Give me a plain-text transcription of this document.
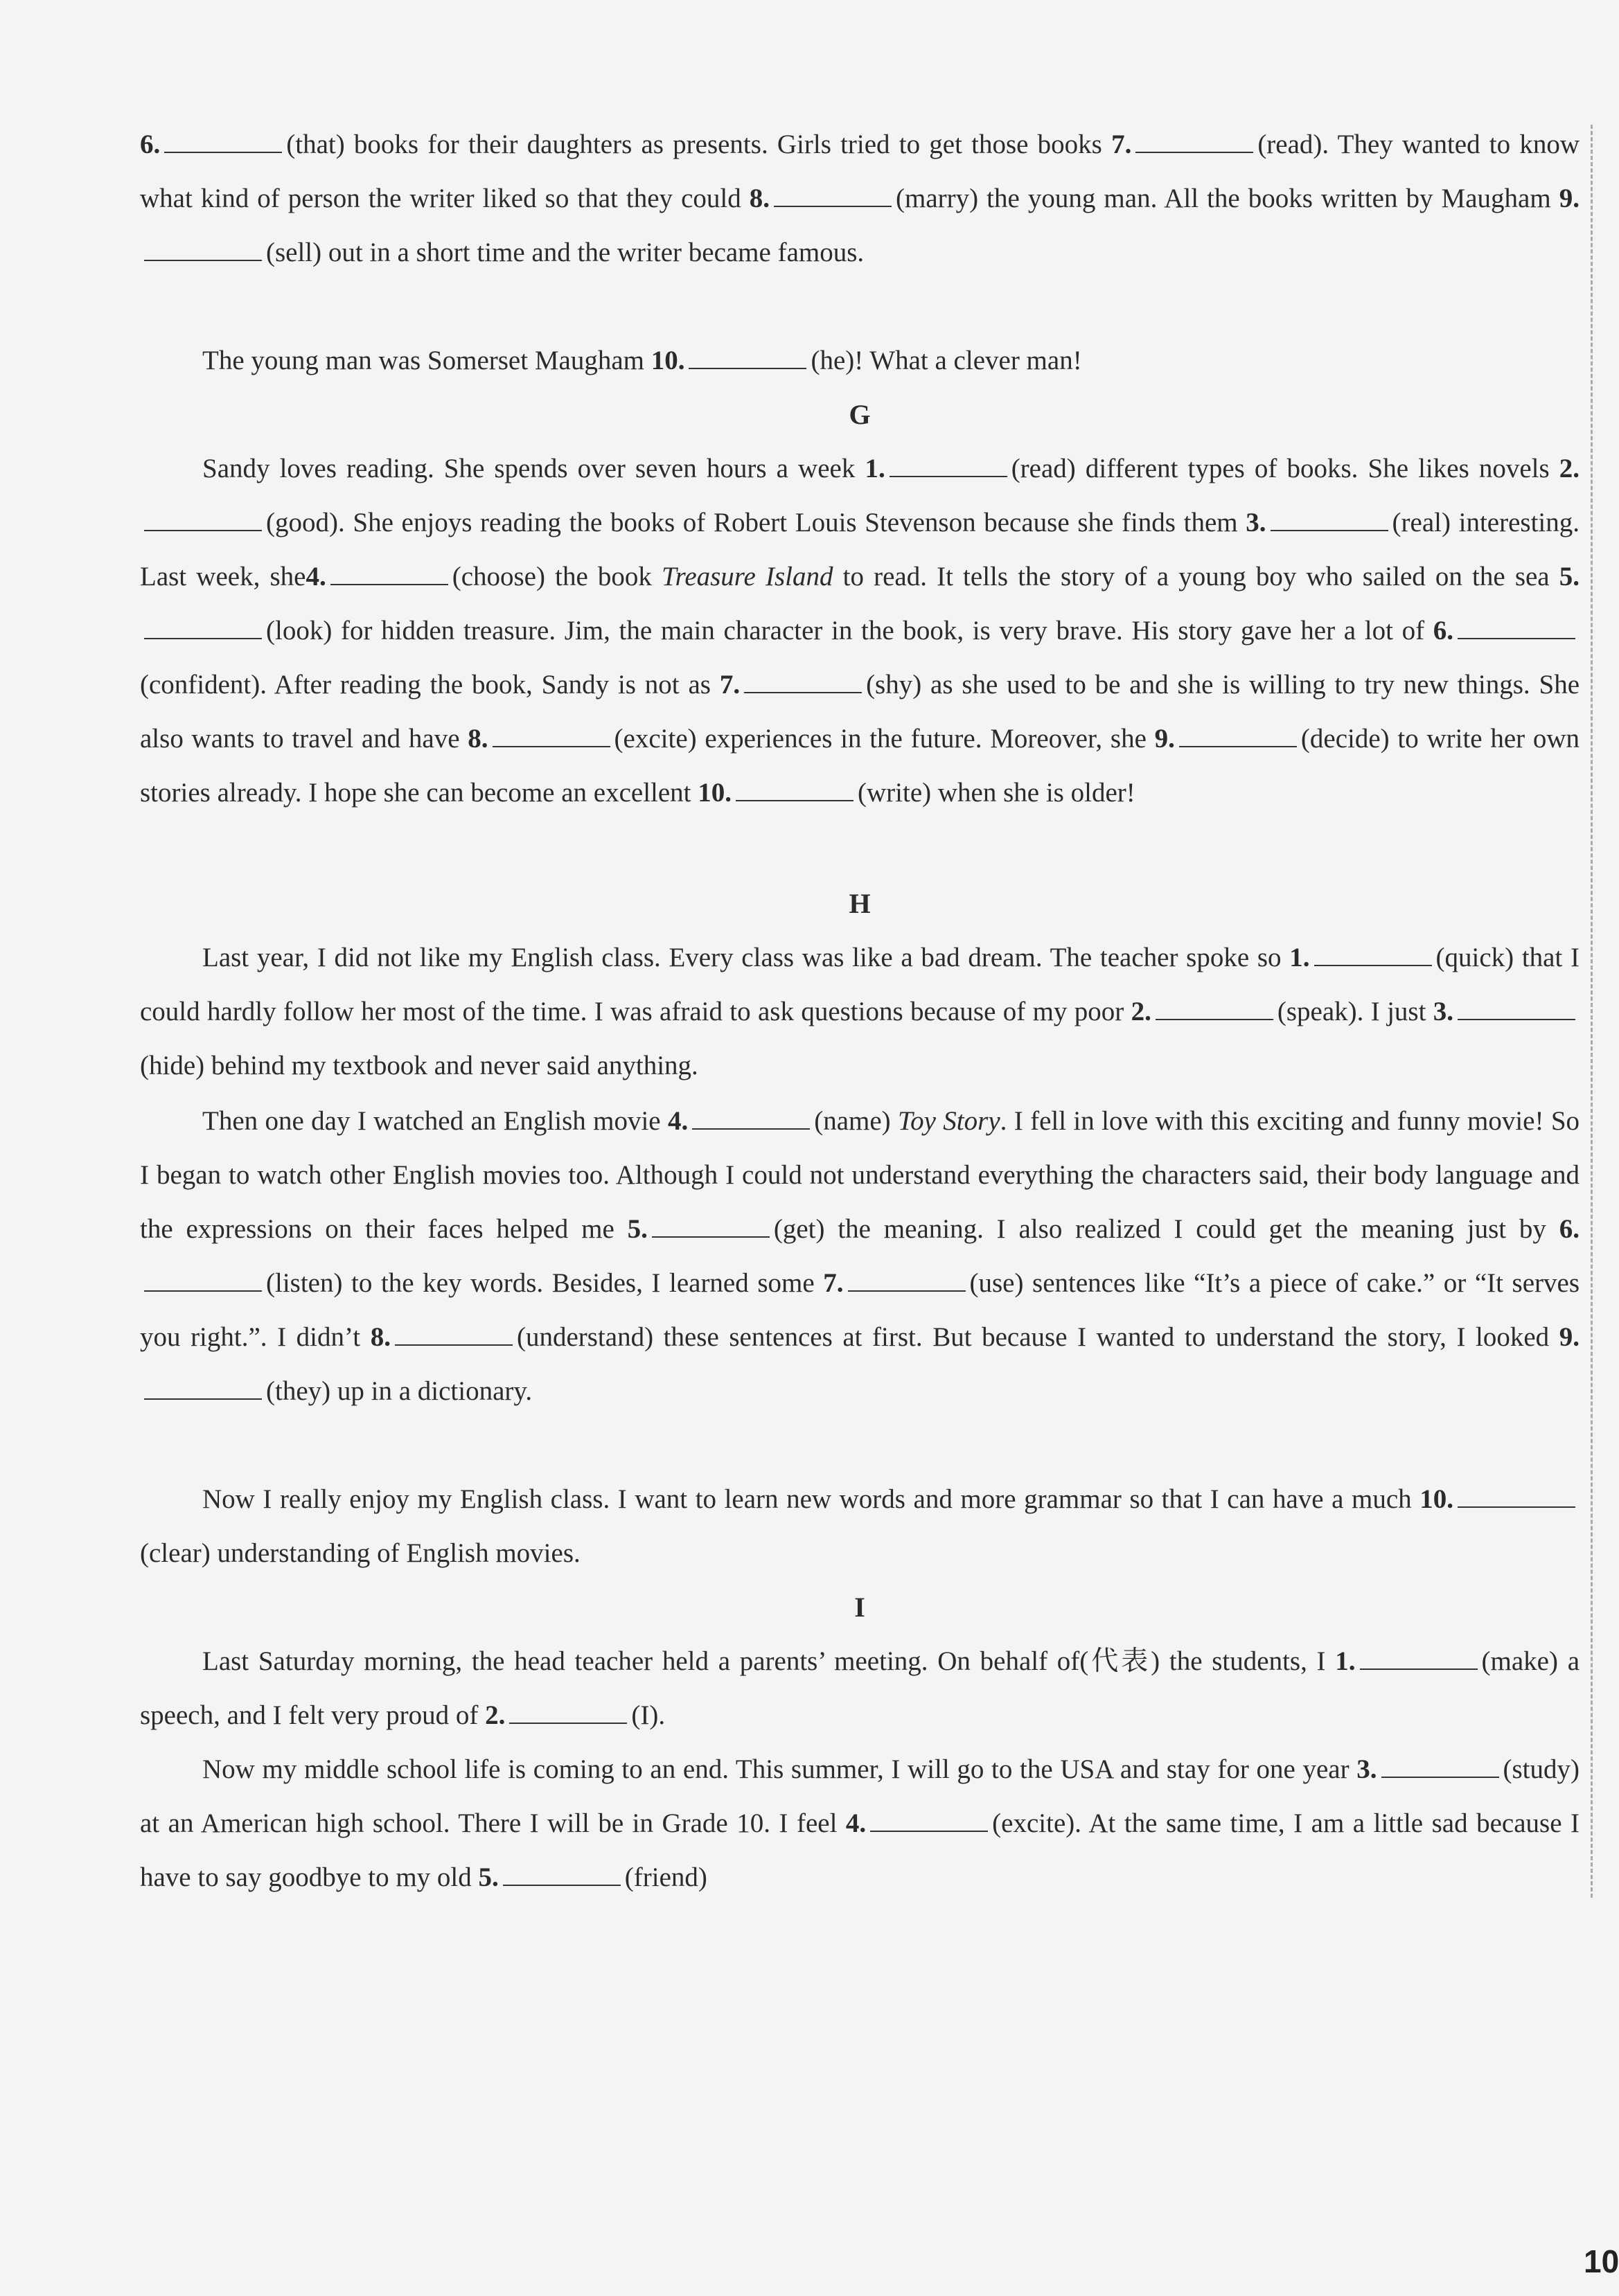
6.	(that) books for their daughters as presents. Girls tried to get those books 7.	(read). They wanted to know what kind of person the writer liked so that they could 8.	(marry) the young man. All the books written by Maugham 9.(sell) out in a short time and the writer became famous.

The young man was Somerset Maugham 10.	(he)! What a clever man!

G

Sandy loves reading. She spends over seven hours a week 1.	(read) different types of books. She likes novels 2.(good). She enjoys reading the books of Robert Louis Stevenson because she finds them 3.	(real) interesting. Last week, she4.	(choose) the book Treasure Island to read. It tells the story of a young boy who sailed on the sea 5.(look) for hidden treasure. Jim, the main character in the book, is very brave. His story gave her a lot of 6.(confident). After reading the book, Sandy is not as 7.	(shy) as she used to be and she is willing to try new things. She also wants to travel and have 8.	(excite) experiences in the future. Moreover, she 9.	(decide) to write her own stories already. I hope she can become an excellent 10.	(write) when she is older!

H

Last year, I did not like my English class. Every class was like a bad dream. The teacher spoke so 1.	(quick) that I could hardly follow her most of the time. I was afraid to ask questions because of my poor 2.	(speak). I just 3.(hide) behind my textbook and never said anything.

Then one day I watched an English movie 4.	(name) Toy Story. I fell in love with this exciting and funny movie! So I began to watch other English movies too. Although I could not understand everything the characters said, their body language and the expressions on their faces helped me 5.	(get) the meaning. I also realized I could get the meaning just by 6.(listen) to the key words. Besides, I learned some 7.	(use) sentences like “It’s a piece of cake.” or “It serves you right.”. I didn’t 8.	(understand) these sentences at first. But because I wanted to understand the story, I looked 9.(they) up in a dictionary.

Now I really enjoy my English class. I want to learn new words and more grammar so that I can have a much 10.(clear) understanding of English movies.

I

Last Saturday morning, the head teacher held a parents’ meeting. On behalf of(代表) the students, I 1.	(make) a speech, and I felt very proud of 2.	(I).

Now my middle school life is coming to an end. This summer, I will go to the USA and stay for one year 3.	(study) at an American high school. There I will be in Grade 10. I feel 4.	(excite). At the same time, I am a little sad because I have to say goodbye to my old 5.	(friend)

10
